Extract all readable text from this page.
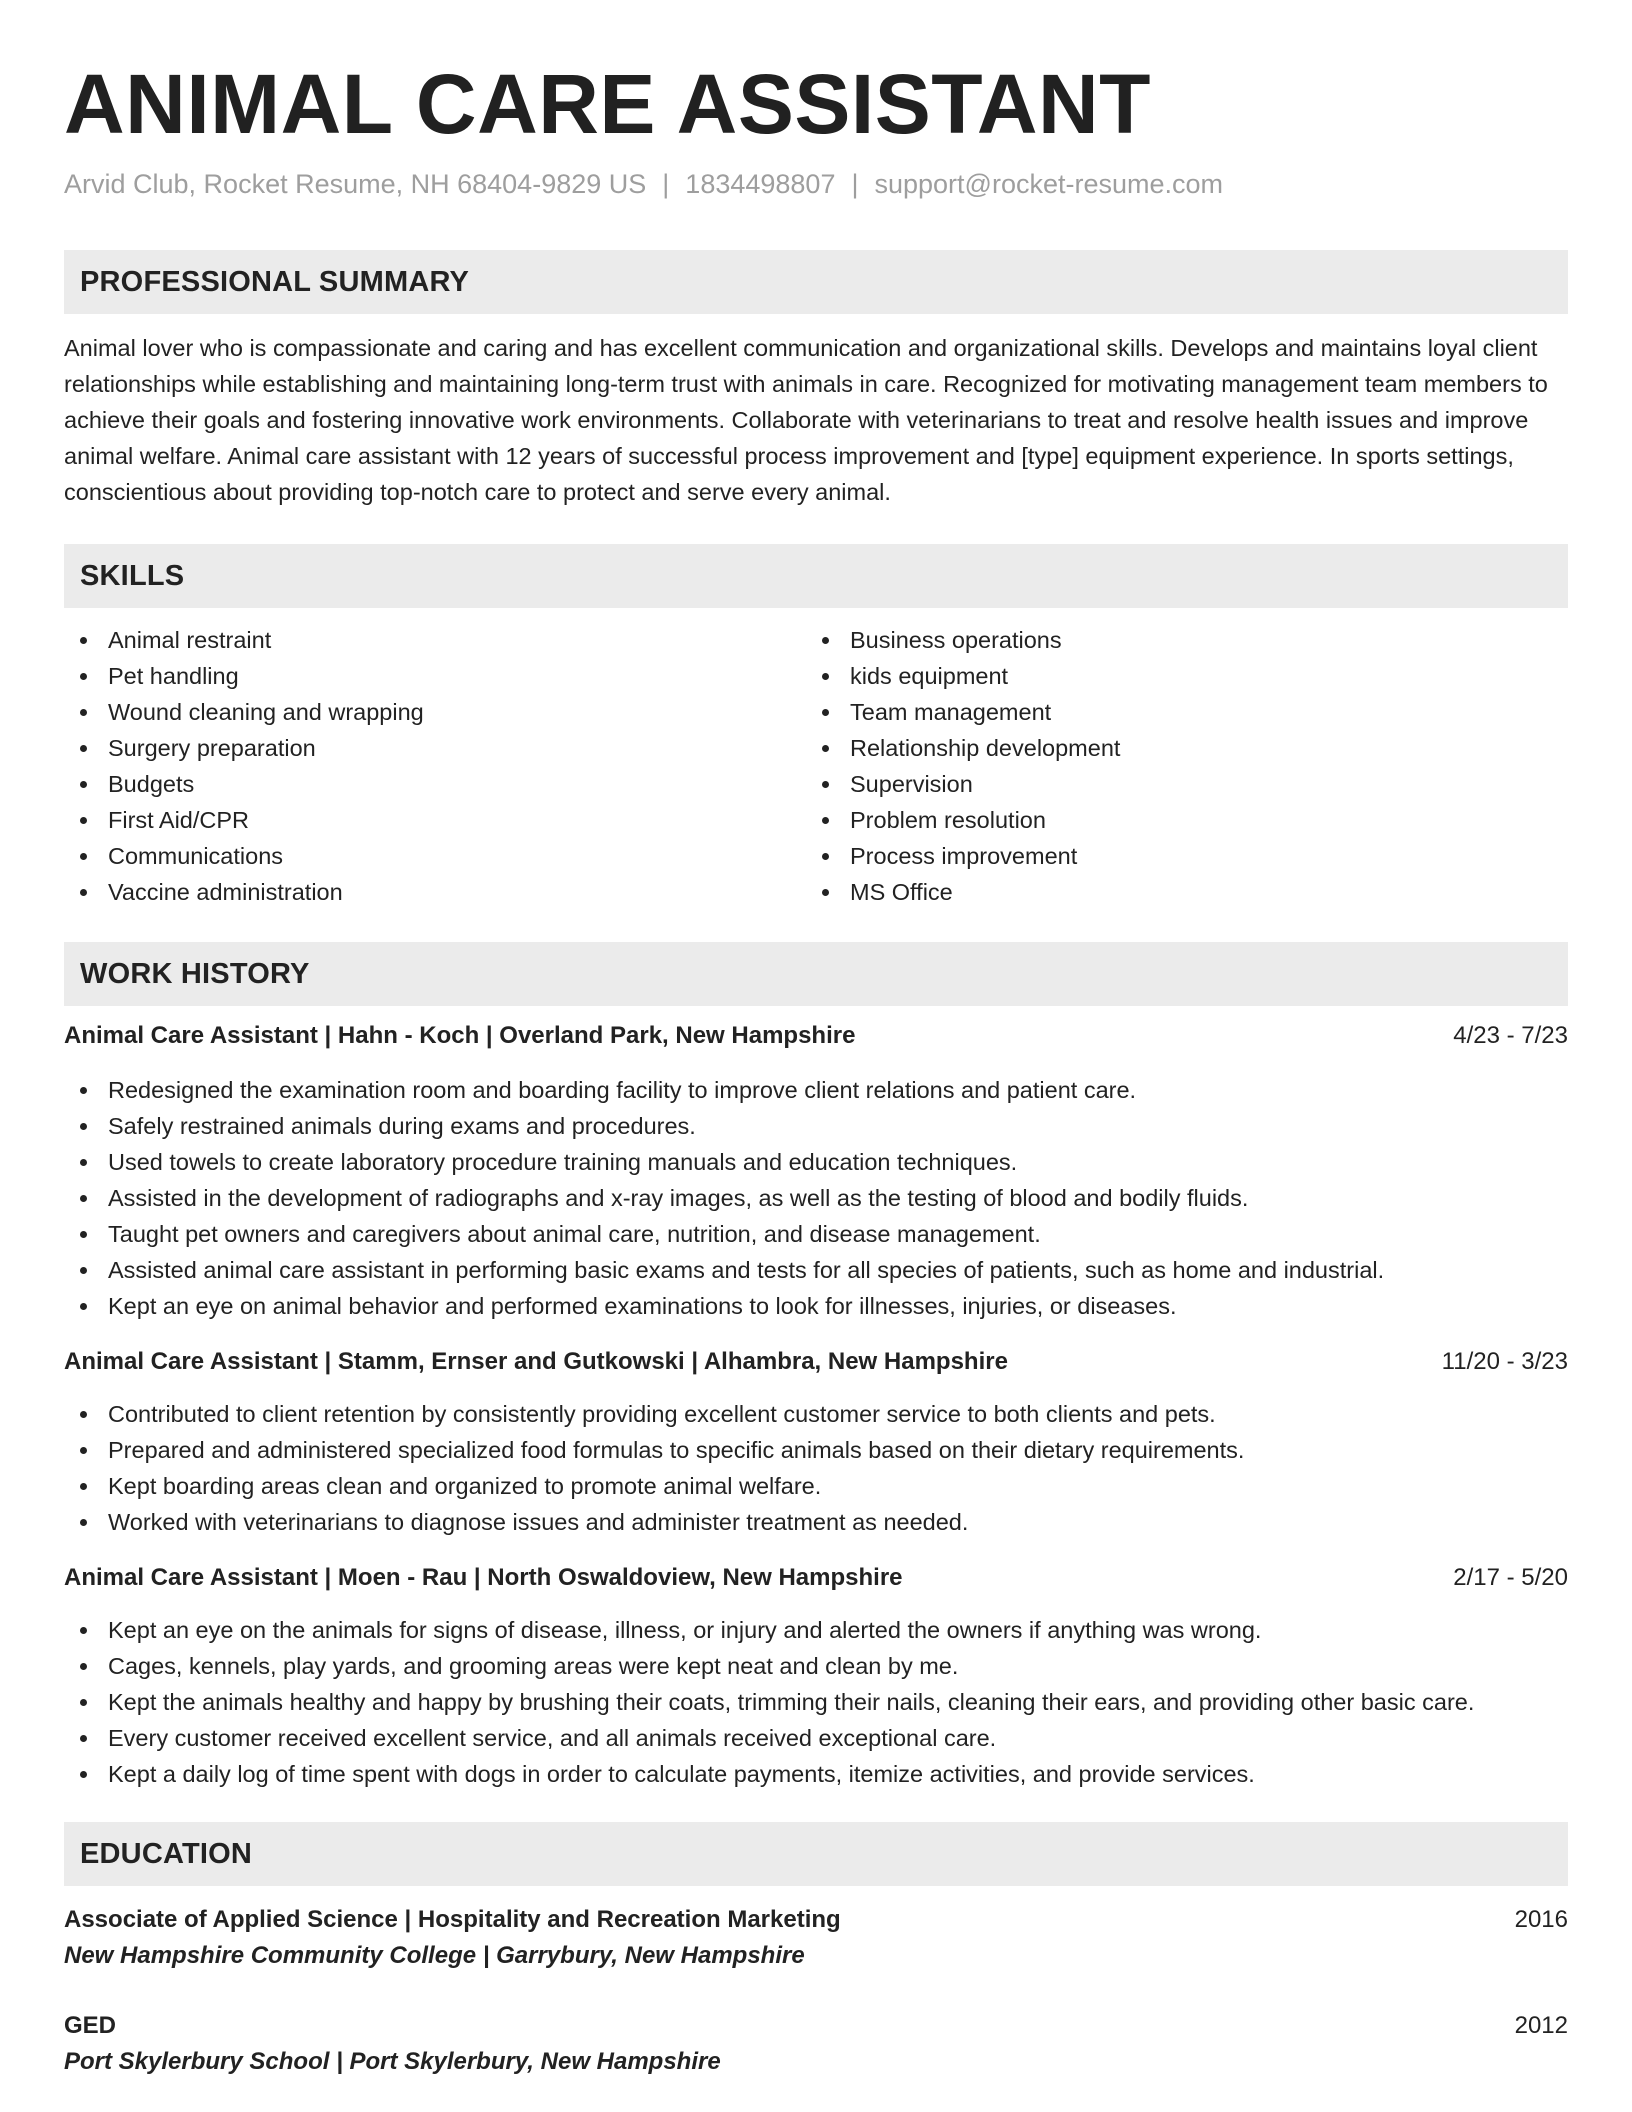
ANIMAL CARE ASSISTANT
Arvid Club, Rocket Resume, NH 68404-9829 US | 1834498807 | support@rocket-resume.com
PROFESSIONAL SUMMARY

Animal lover who is compassionate and caring and has excellent communication and organizational skills. Develops and maintains loyal client relationships while establishing and maintaining long-term trust with animals in care. Recognized for motivating management team members to achieve their goals and fostering innovative work environments. Collaborate with veterinarians to treat and resolve health issues and improve animal welfare. Animal care assistant with 12 years of successful process improvement and [type] equipment experience. In sports settings, conscientious about providing top-notch care to protect and serve every animal.

SKILLS
Animal restraint
Pet handling
Wound cleaning and wrapping
Surgery preparation
Budgets
First Aid/CPR
Communications
Vaccine administration
Business operations
kids equipment
Team management
Relationship development
Supervision
Problem resolution
Process improvement
MS Office
WORK HISTORY
Animal Care Assistant | Hahn - Koch | Overland Park, New Hampshire	4/23 - 7/23
Redesigned the examination room and boarding facility to improve client relations and patient care.
Safely restrained animals during exams and procedures.
Used towels to create laboratory procedure training manuals and education techniques.
Assisted in the development of radiographs and x-ray images, as well as the testing of blood and bodily fluids.
Taught pet owners and caregivers about animal care, nutrition, and disease management.
Assisted animal care assistant in performing basic exams and tests for all species of patients, such as home and industrial.
Kept an eye on animal behavior and performed examinations to look for illnesses, injuries, or diseases.
Animal Care Assistant | Stamm, Ernser and Gutkowski | Alhambra, New Hampshire	11/20 - 3/23
Contributed to client retention by consistently providing excellent customer service to both clients and pets.
Prepared and administered specialized food formulas to specific animals based on their dietary requirements.
Kept boarding areas clean and organized to promote animal welfare.
Worked with veterinarians to diagnose issues and administer treatment as needed.
Animal Care Assistant | Moen - Rau | North Oswaldoview, New Hampshire	2/17 - 5/20
Kept an eye on the animals for signs of disease, illness, or injury and alerted the owners if anything was wrong.
Cages, kennels, play yards, and grooming areas were kept neat and clean by me.
Kept the animals healthy and happy by brushing their coats, trimming their nails, cleaning their ears, and providing other basic care.
Every customer received excellent service, and all animals received exceptional care.
Kept a daily log of time spent with dogs in order to calculate payments, itemize activities, and provide services.
EDUCATION
Associate of Applied Science | Hospitality and Recreation Marketing	2016
New Hampshire Community College | Garrybury, New Hampshire
GED	2012
Port Skylerbury School | Port Skylerbury, New Hampshire
